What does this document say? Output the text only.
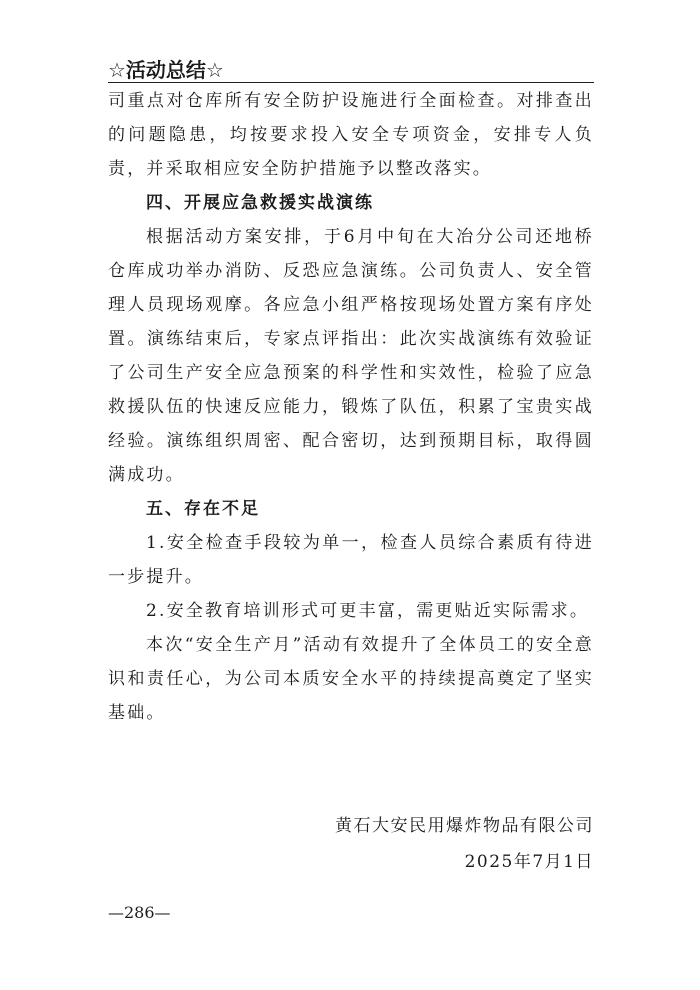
☆活动总结☆

司重点对仓库所有安全防护设施进行全面检查。对排查出的问题隐患，均按要求投入安全专项资金，安排专人负责，并采取相应安全防护措施予以整改落实。

四、开展应急救援实战演练

根据活动方案安排，于6月中旬在大冶分公司还地桥仓库成功举办消防、反恐应急演练。公司负责人、安全管理人员现场观摩。各应急小组严格按现场处置方案有序处置。演练结束后，专家点评指出：此次实战演练有效验证了公司生产安全应急预案的科学性和实效性，检验了应急救援队伍的快速反应能力，锻炼了队伍，积累了宝贵实战经验。演练组织周密、配合密切，达到预期目标，取得圆满成功。

五、存在不足

1.安全检查手段较为单一，检查人员综合素质有待进一步提升。

2.安全教育培训形式可更丰富，需更贴近实际需求。

本次“安全生产月”活动有效提升了全体员工的安全意识和责任心，为公司本质安全水平的持续提高奠定了坚实基础。

黄石大安民用爆炸物品有限公司
2025年7月1日
—286—
